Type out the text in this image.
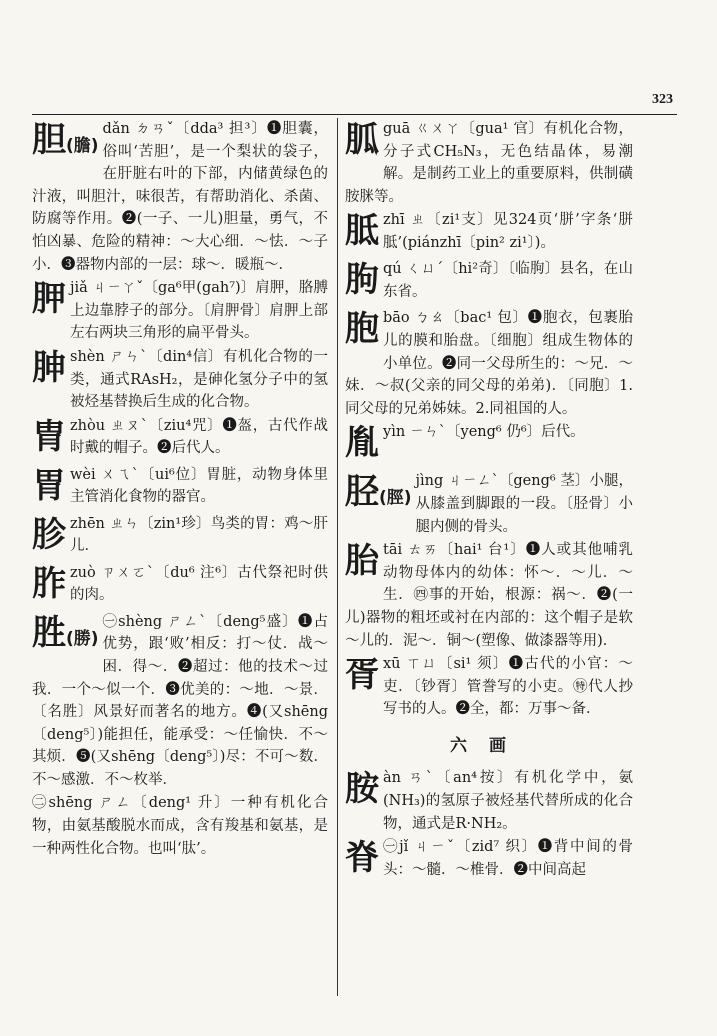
323
胆(膽)

dǎn ㄉㄢˇ〔dda³ 担³〕❶胆囊，俗叫‘苦胆’，是一个梨状的袋子，在肝脏右叶的下部，内储黄绿色的汁液，叫胆汁，味很苦，有帮助消化、杀菌、防腐等作用。❷(一子、一儿)胆量，勇气，不怕凶暴、危险的精神：～大心细．～怯．～子小．❸器物内部的一层：球～．暖瓶～．

胛 jiǎ ㄐㄧㄚˇ〔ga⁶甲(gah⁷)〕肩胛，胳膊上边靠脖子的部分。〔肩胛骨〕肩胛上部左右两块三角形的扁平骨头。

胂 shèn ㄕㄣˋ〔din⁴信〕有机化合物的一类，通式RAsH₂，是砷化氢分子中的氢被烃基替换后生成的化合物。

胄 zhòu ㄓㄡˋ〔ziu⁴咒〕❶盔，古代作战时戴的帽子。❷后代人。

胃 wèi ㄨㄟˋ〔ui⁶位〕胃脏，动物身体里主管消化食物的器官。

胗 zhēn ㄓㄣ〔zin¹珍〕鸟类的胃：鸡～肝儿．

胙 zuò ㄗㄨㄛˋ〔du⁶ 注⁶〕古代祭祀时供的肉。

胜(勝)

㊀shèng ㄕㄥˋ〔deng⁵盛〕❶占优势，跟‘败’相反：打～仗．战～困．得～．❷超过：他的技术～过我．一个～似一个．❸优美的：～地．～景．〔名胜〕风景好而著名的地方。❹(又shēng〔deng⁵〕)能担任，能承受：～任愉快．不～其烦．❺(又shēng〔deng⁵〕)尽：不可～数．不～感激．不～枚举．

㊁shēng ㄕㄥ〔deng¹ 升〕一种有机化合物，由氨基酸脱水而成，含有羧基和氨基，是一种两性化合物。也叫‘肽’。

胍 guā ㄍㄨㄚ〔gua¹ 官〕有机化合物，分子式CH₅N₃，无色结晶体，易潮解。是制药工业上的重要原料，供制磺胺脒等。

胝 zhī ㄓ〔zi¹支〕见324页‘胼’字条‘胼胝’(piánzhī〔pin² zi¹〕)。

朐 qú ㄑㄩˊ〔hi²奇〕〔临朐〕县名，在山东省。

胞 bāo ㄅㄠ〔bac¹ 包〕❶胞衣，包裹胎儿的膜和胎盘。〔细胞〕组成生物体的小单位。❷同一父母所生的：～兄．～妹．～叔(父亲的同父母的弟弟)．〔同胞〕1.同父母的兄弟姊妹。2.同祖国的人。

胤 yìn ㄧㄣˋ〔yeng⁶ 仍⁶〕后代。

胫(脛)

jìng ㄐㄧㄥˋ〔geng⁶ 茎〕小腿，从膝盖到脚跟的一段。〔胫骨〕小腿内侧的骨头。

胎 tāi ㄊㄞ〔hai¹ 台¹〕❶人或其他哺乳动物母体内的幼体：怀～．～儿．～生．㊃事的开始，根源：祸～．❷(一儿)器物的粗坯或衬在内部的：这个帽子是软～儿的．泥～．铜～(塑像、做漆器等用)．

胥 xū ㄒㄩ〔si¹ 须〕❶古代的小官：～吏．〔钞胥〕管誊写的小吏。㊕代人抄写书的人。❷全，都：万事～备．

六画
胺 àn ㄢˋ〔an⁴按〕有机化学中，氨(NH₃)的氢原子被烃基代替所成的化合物，通式是R·NH₂。

脊 ㊀jǐ ㄐㄧˇ〔zid⁷ 织〕❶背中间的骨头：～髓．～椎骨．❷中间高起
